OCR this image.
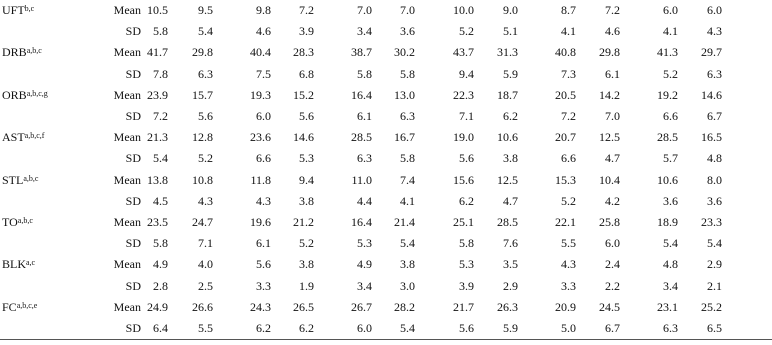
UFT$^{b,c}$	Mean 10.5	9.5	9.8	7.2	7.0	7.0	10.0	9.0	8.7	7.2	6.0	6.0
SD	5.8	5.4	4.6	3.9	3.4	3.6	5.2	5.1	4.1	4.6	4.1	4.3
DRB$^{a,b,c}$	Mean 41.7	29.8	40.4	28.3	38.7	30.2	43.7	31.3	40.8	29.8	41.3	29.7
SD	7.8	6.3	7.5	6.8	5.8	5.8	9.4	5.9	7.3	6.1	5.2	6.3
ORB$^{a,b,c,g}$	Mean 23.9	15.7	19.3	15.2	16.4	13.0	22.3	18.7	20.5	14.2	19.2	14.6
SD	7.2	5.6	6.0	5.6	6.1	6.3	7.1	6.2	7.2	7.0	6.6	6.7
AST$^{a,b,c,f}$	Mean 21.3	12.8	23.6	14.6	28.5	16.7	19.0	10.6	20.7	12.5	28.5	16.5
SD	5.4	5.2	6.6	5.3	6.3	5.8	5.6	3.8	6.6	4.7	5.7	4.8
STL$^{a,b,c}$	Mean 13.8	10.8	11.8	9.4	11.0	7.4	15.6	12.5	15.3	10.4	10.6	8.0
SD	4.5	4.3	4.3	3.8	4.4	4.1	6.2	4.7	5.2	4.2	3.6	3.6
TO$^{a,b,c}$	Mean 23.5	24.7	19.6	21.2	16.4	21.4	25.1	28.5	22.1	25.8	18.9	23.3
SD	5.8	7.1	6.1	5.2	5.3	5.4	5.8	7.6	5.5	6.0	5.4	5.4
BLK$^{a,c}$	Mean	4.9	4.0	5.6	3.8	4.9	3.8	5.3	3.5	4.3	2.4	4.8	2.9
SD	2.8	2.5	3.3	1.9	3.4	3.0	3.9	2.9	3.3	2.2	3.4	2.1
FC$^{a,b,c,e}$	Mean 24.9	26.6	24.3	26.5	26.7	28.2	21.7	26.3	20.9	24.5	23.1	25.2
SD	6.4	5.5	6.2	6.2	6.0	5.4	5.6	5.9	5.0	6.7	6.3	6.5
